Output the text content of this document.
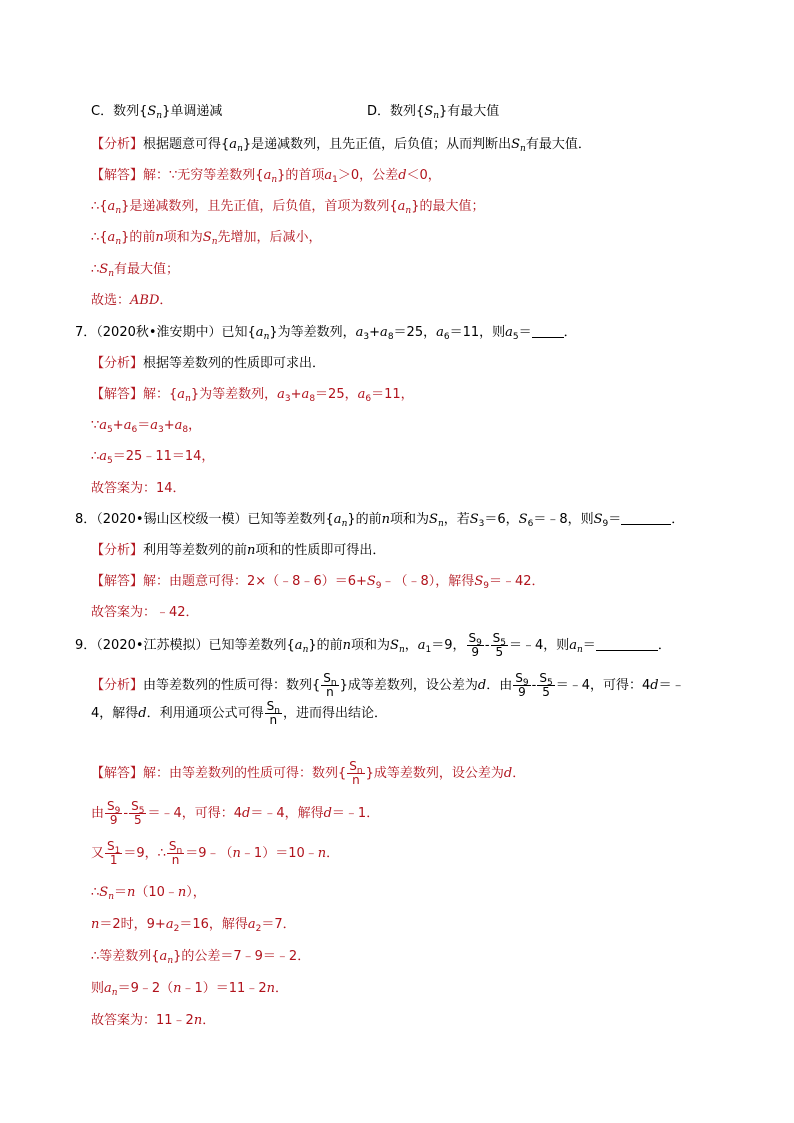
C．数列$\{S_n\}$单调递减	D．数列$\{S_n\}$有最大值
【分析】根据题意可得$\{a_n\}$是递减数列，且先正值，后负值；从而判断出$S_n$有最大值．
【解答】解：∵无穷等差数列$\{a_n\}$的首项$a_1>0$，公差d＜0，
$\therefore\{a_n\}$是递减数列，且先正值，后负值，首项为数列$\{a_n\}$的最大值；
$\therefore\{a_n\}$的前n项和为$S_n$先增加，后减小，
$\therefore S_n$有最大值；
故选：ABD．
7．（2020秋•淮安期中）已知$\{a_n\}$为等差数列，$a_3+a_8=25$，$a_6=11$，则$a_5=$ ．
【分析】根据等差数列的性质即可求出．
【解答】解：$\{a_n\}$为等差数列，$a_3+a_8=25$，$a_6=11$，
$\because a_5+a_6=a_3+a_8$，
$\therefore a_5=25﹣11=14$，
故答案为：14．
8．（2020•锡山区校级一模）已知等差数列$\{a_n\}$的前n项和为$S_n$，若$S_3=6$，$S_6=﹣8$，则$S_9=$	．
【分析】利用等差数列的前n项和的性质即可得出．
【解答】解：由题意可得：$2\times(﹣8﹣6)=6+S_9﹣(﹣8)$，解得$S_9=﹣42$．
故答案为：﹣42．
9．（2020•江苏模拟）已知等差数列$\{a_n\}$的前n项和为$S_n$，$a_1=9$， $\frac{S_9}{9} - \frac{S_5}{5}$ ＝﹣4，则$a_n=$	．
【分析】由等差数列的性质可得：数列{ $\frac{S_n}{n}$ }成等差数列，设公差为d．由 $\frac{S_9}{9} - \frac{S_5}{5}$ ＝﹣4，可得：4d＝﹣
4，解得d．利用通项公式可得 $\frac{S_n}{n}$ ，进而得出结论．
【解答】解：由等差数列的性质可得：数列{ $\frac{S_n}{n}$ }成等差数列，设公差为d．
由 $\frac{S_9}{9} - \frac{S_5}{5}$ ＝﹣4，可得：4d＝﹣4，解得d＝﹣1．
又 $\frac{S_1}{1} =9$，∴ $\frac{S_n}{n}$ ＝9﹣（n﹣1）＝10﹣n．
$\therefore S_n=n(10﹣n)$，
n＝2时，$9+a_2=16$，解得$a_2=7$．
∴等差数列$\{a_n\}$的公差＝7﹣9＝﹣2．
则$a_n=9﹣2(n﹣1)=11﹣2n$．
故答案为：11﹣2n．
